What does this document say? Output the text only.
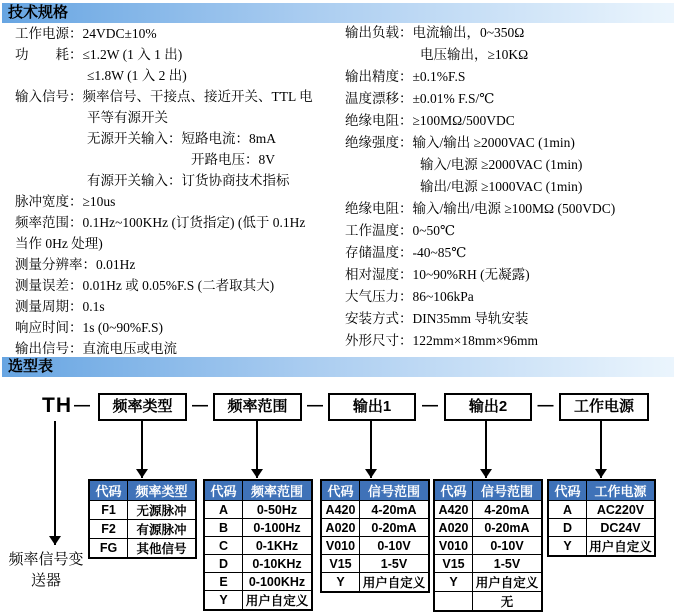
技术规格
工作电源：24VDC±10%
功　　耗：≤1.2W (1 入 1 出)
≤1.8W (1 入 2 出)
输入信号：频率信号、干接点、接近开关、TTL 电
平等有源开关
无源开关输入：短路电流：8mA
开路电压：8V
有源开关输入：订货协商技术指标
脉冲宽度：≥10us
频率范围：0.1Hz~100KHz (订货指定) (低于 0.1Hz
当作 0Hz 处理)
测量分辨率：0.01Hz
测量误差：0.01Hz 或 0.05%F.S (二者取其大)
测量周期：0.1s
响应时间：1s (0~90%F.S)
输出信号：直流电压或电流
输出负载：电流输出，0~350Ω
电压输出，≥10KΩ
输出精度：±0.1%F.S
温度漂移：±0.01% F.S/℃
绝缘电阻：≥100MΩ/500VDC
绝缘强度：输入/输出 ≥2000VAC (1min)
输入/电源 ≥2000VAC (1min)
输出/电源 ≥1000VAC (1min)
绝缘电阻：输入/输出/电源 ≥100MΩ (500VDC)
工作温度：0~50℃
存储温度：-40~85℃
相对湿度：10~90%RH (无凝露)
大气压力：86~106kPa
安装方式：DIN35mm 导轨安装
外形尺寸：122mm×18mm×96mm
选型表
TH —	频率类型	—	频率范围	—	输出1	—	输出2	—	工作电源
频率信号变送器
代码	频率类型
F1	无源脉冲
F2	有源脉冲
FG	其他信号
代码	频率范围
A	0-50Hz
B	0-100Hz
C	0-1KHz
D	0-10KHz
E	0-100KHz
Y	用户自定义
代码	信号范围
A420	4-20mA
A020	0-20mA
V010	0-10V
V15	1-5V
Y	用户自定义
代码	信号范围
A420	4-20mA
A020	0-20mA
V010	0-10V
V15	1-5V
Y	用户自定义
	无
代码	工作电源
A	AC220V
D	DC24V
Y	用户自定义
